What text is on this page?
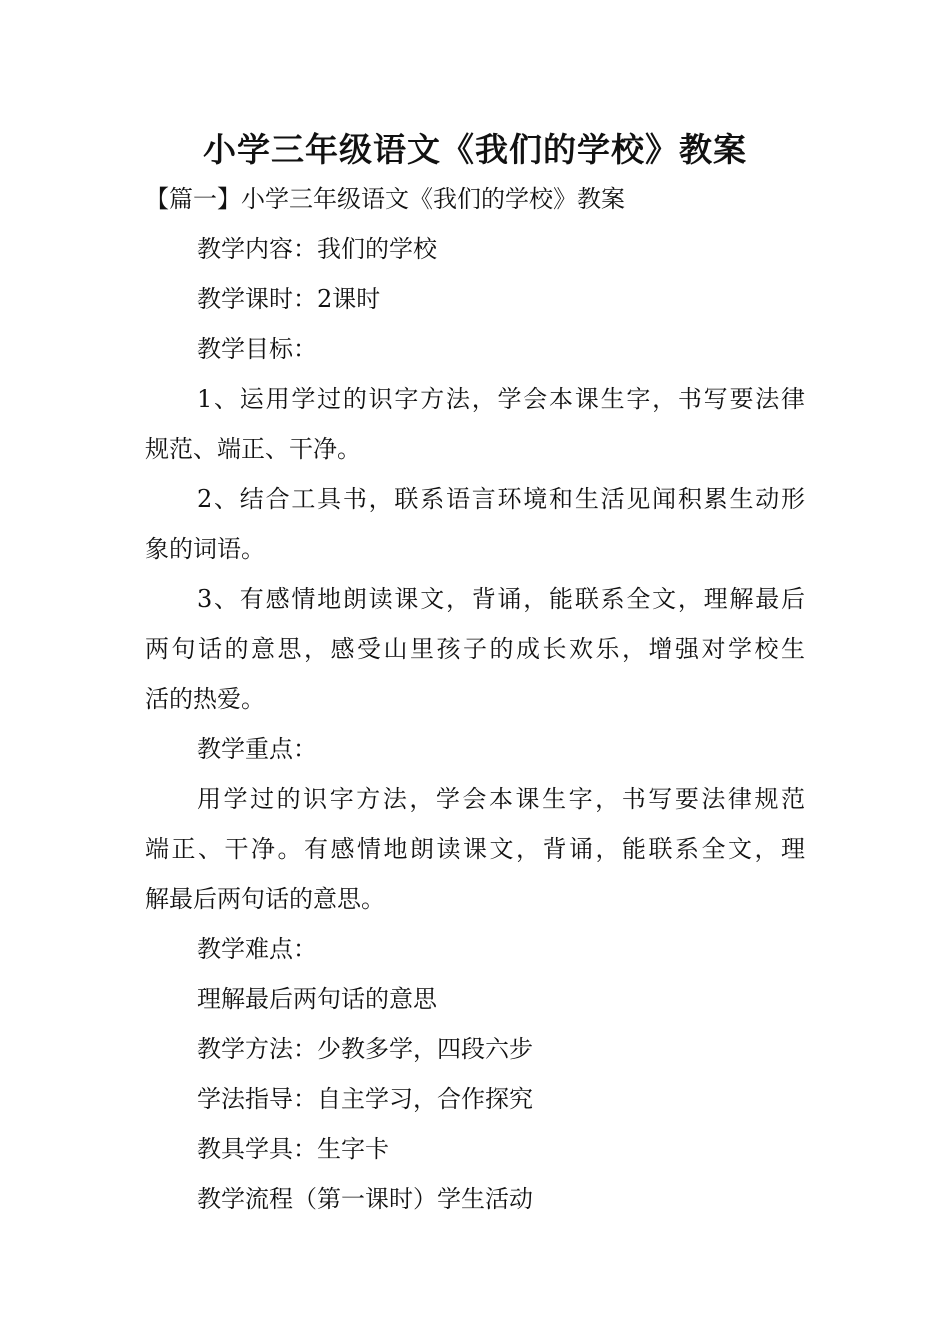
小学三年级语文《我们的学校》教案

【篇一】小学三年级语文《我们的学校》教案

教学内容：我们的学校

教学课时：2课时

教学目标：

1、运用学过的识字方法，学会本课生字，书写要法律

规范、端正、干净。

2、结合工具书，联系语言环境和生活见闻积累生动形

象的词语。

3、有感情地朗读课文，背诵，能联系全文，理解最后

两句话的意思，感受山里孩子的成长欢乐，增强对学校生

活的热爱。

教学重点：

用学过的识字方法，学会本课生字，书写要法律规范

端正、干净。有感情地朗读课文，背诵，能联系全文，理

解最后两句话的意思。

教学难点：

理解最后两句话的意思

教学方法：少教多学，四段六步

学法指导：自主学习，合作探究

教具学具：生字卡

教学流程（第一课时）学生活动
